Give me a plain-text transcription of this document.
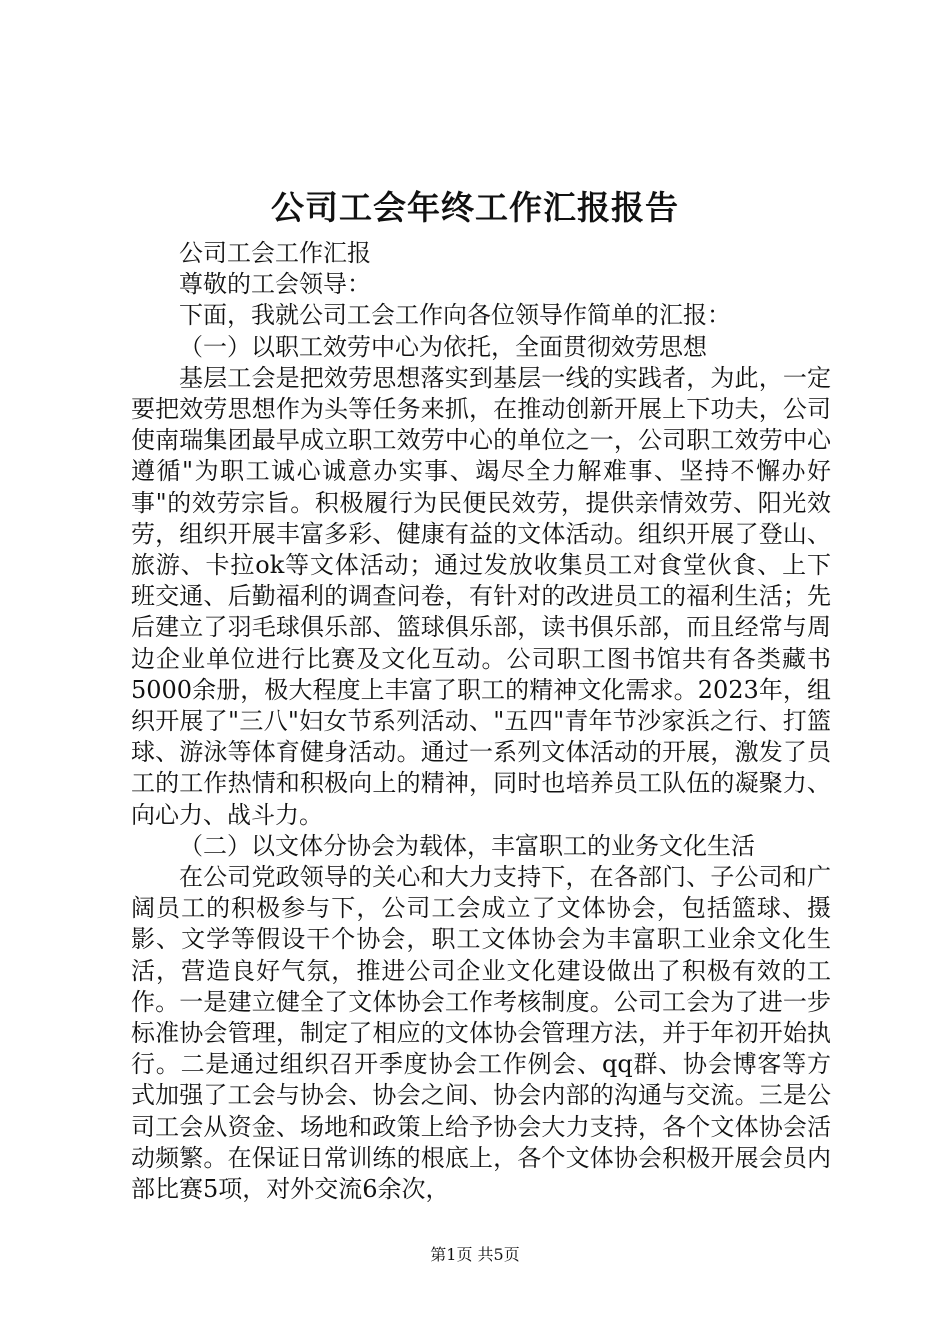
公司工会年终工作汇报报告

公司工会工作汇报

尊敬的工会领导：

下面，我就公司工会工作向各位领导作简单的汇报：

（一）以职工效劳中心为依托，全面贯彻效劳思想

基层工会是把效劳思想落实到基层一线的实践者，为此，一定要把效劳思想作为头等任务来抓，在推动创新开展上下功夫，公司使南瑞集团最早成立职工效劳中心的单位之一，公司职工效劳中心遵循"为职工诚心诚意办实事、竭尽全力解难事、坚持不懈办好事"的效劳宗旨。积极履行为民便民效劳，提供亲情效劳、阳光效劳，组织开展丰富多彩、健康有益的文体活动。组织开展了登山、旅游、卡拉ok等文体活动；通过发放收集员工对食堂伙食、上下班交通、后勤福利的调查问卷，有针对的改进员工的福利生活；先后建立了羽毛球俱乐部、篮球俱乐部，读书俱乐部，而且经常与周边企业单位进行比赛及文化互动。公司职工图书馆共有各类藏书5000余册，极大程度上丰富了职工的精神文化需求。2023年，组织开展了"三八"妇女节系列活动、"五四"青年节沙家浜之行、打篮球、游泳等体育健身活动。通过一系列文体活动的开展，激发了员工的工作热情和积极向上的精神，同时也培养员工队伍的凝聚力、向心力、战斗力。

（二）以文体分协会为载体，丰富职工的业务文化生活

在公司党政领导的关心和大力支持下，在各部门、子公司和广阔员工的积极参与下，公司工会成立了文体协会，包括篮球、摄影、文学等假设干个协会，职工文体协会为丰富职工业余文化生活，营造良好气氛，推进公司企业文化建设做出了积极有效的工作。一是建立健全了文体协会工作考核制度。公司工会为了进一步标准协会管理，制定了相应的文体协会管理方法，并于年初开始执行。二是通过组织召开季度协会工作例会、qq群、协会博客等方式加强了工会与协会、协会之间、协会内部的沟通与交流。三是公司工会从资金、场地和政策上给予协会大力支持，各个文体协会活动频繁。在保证日常训练的根底上，各个文体协会积极开展会员内部比赛5项，对外交流6余次，

第1页 共5页
